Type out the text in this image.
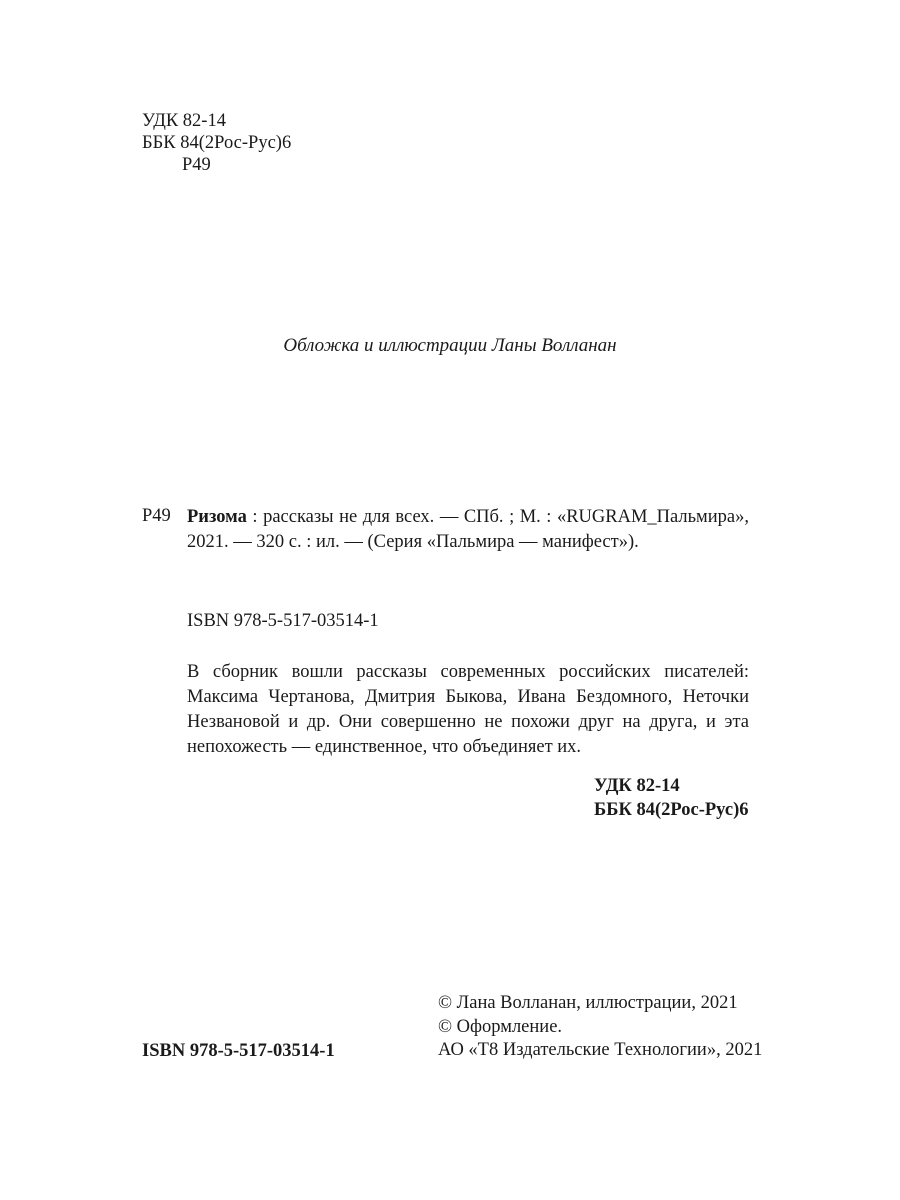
УДК 82-14
ББК 84(2Рос-Рус)6
Р49
Обложка и иллюстрации Ланы Волланан
Р49 Ризома : рассказы не для всех. — СПб. ; М. : «RUGRAM_Пальмира», 2021. — 320 с. : ил. — (Серия «Пальмира — манифест»).
ISBN 978-5-517-03514-1
В сборник вошли рассказы современных российских писателей: Максима Чертанова, Дмитрия Быкова, Ивана Бездомного, Неточки Незвановой и др. Они совершенно не похожи друг на друга, и эта непохожесть — единственное, что объединяет их.
УДК 82-14
ББК 84(2Рос-Рус)6
© Лана Волланан, иллюстрации, 2021
© Оформление.
АО «Т8 Издательские Технологии», 2021
ISBN 978-5-517-03514-1
